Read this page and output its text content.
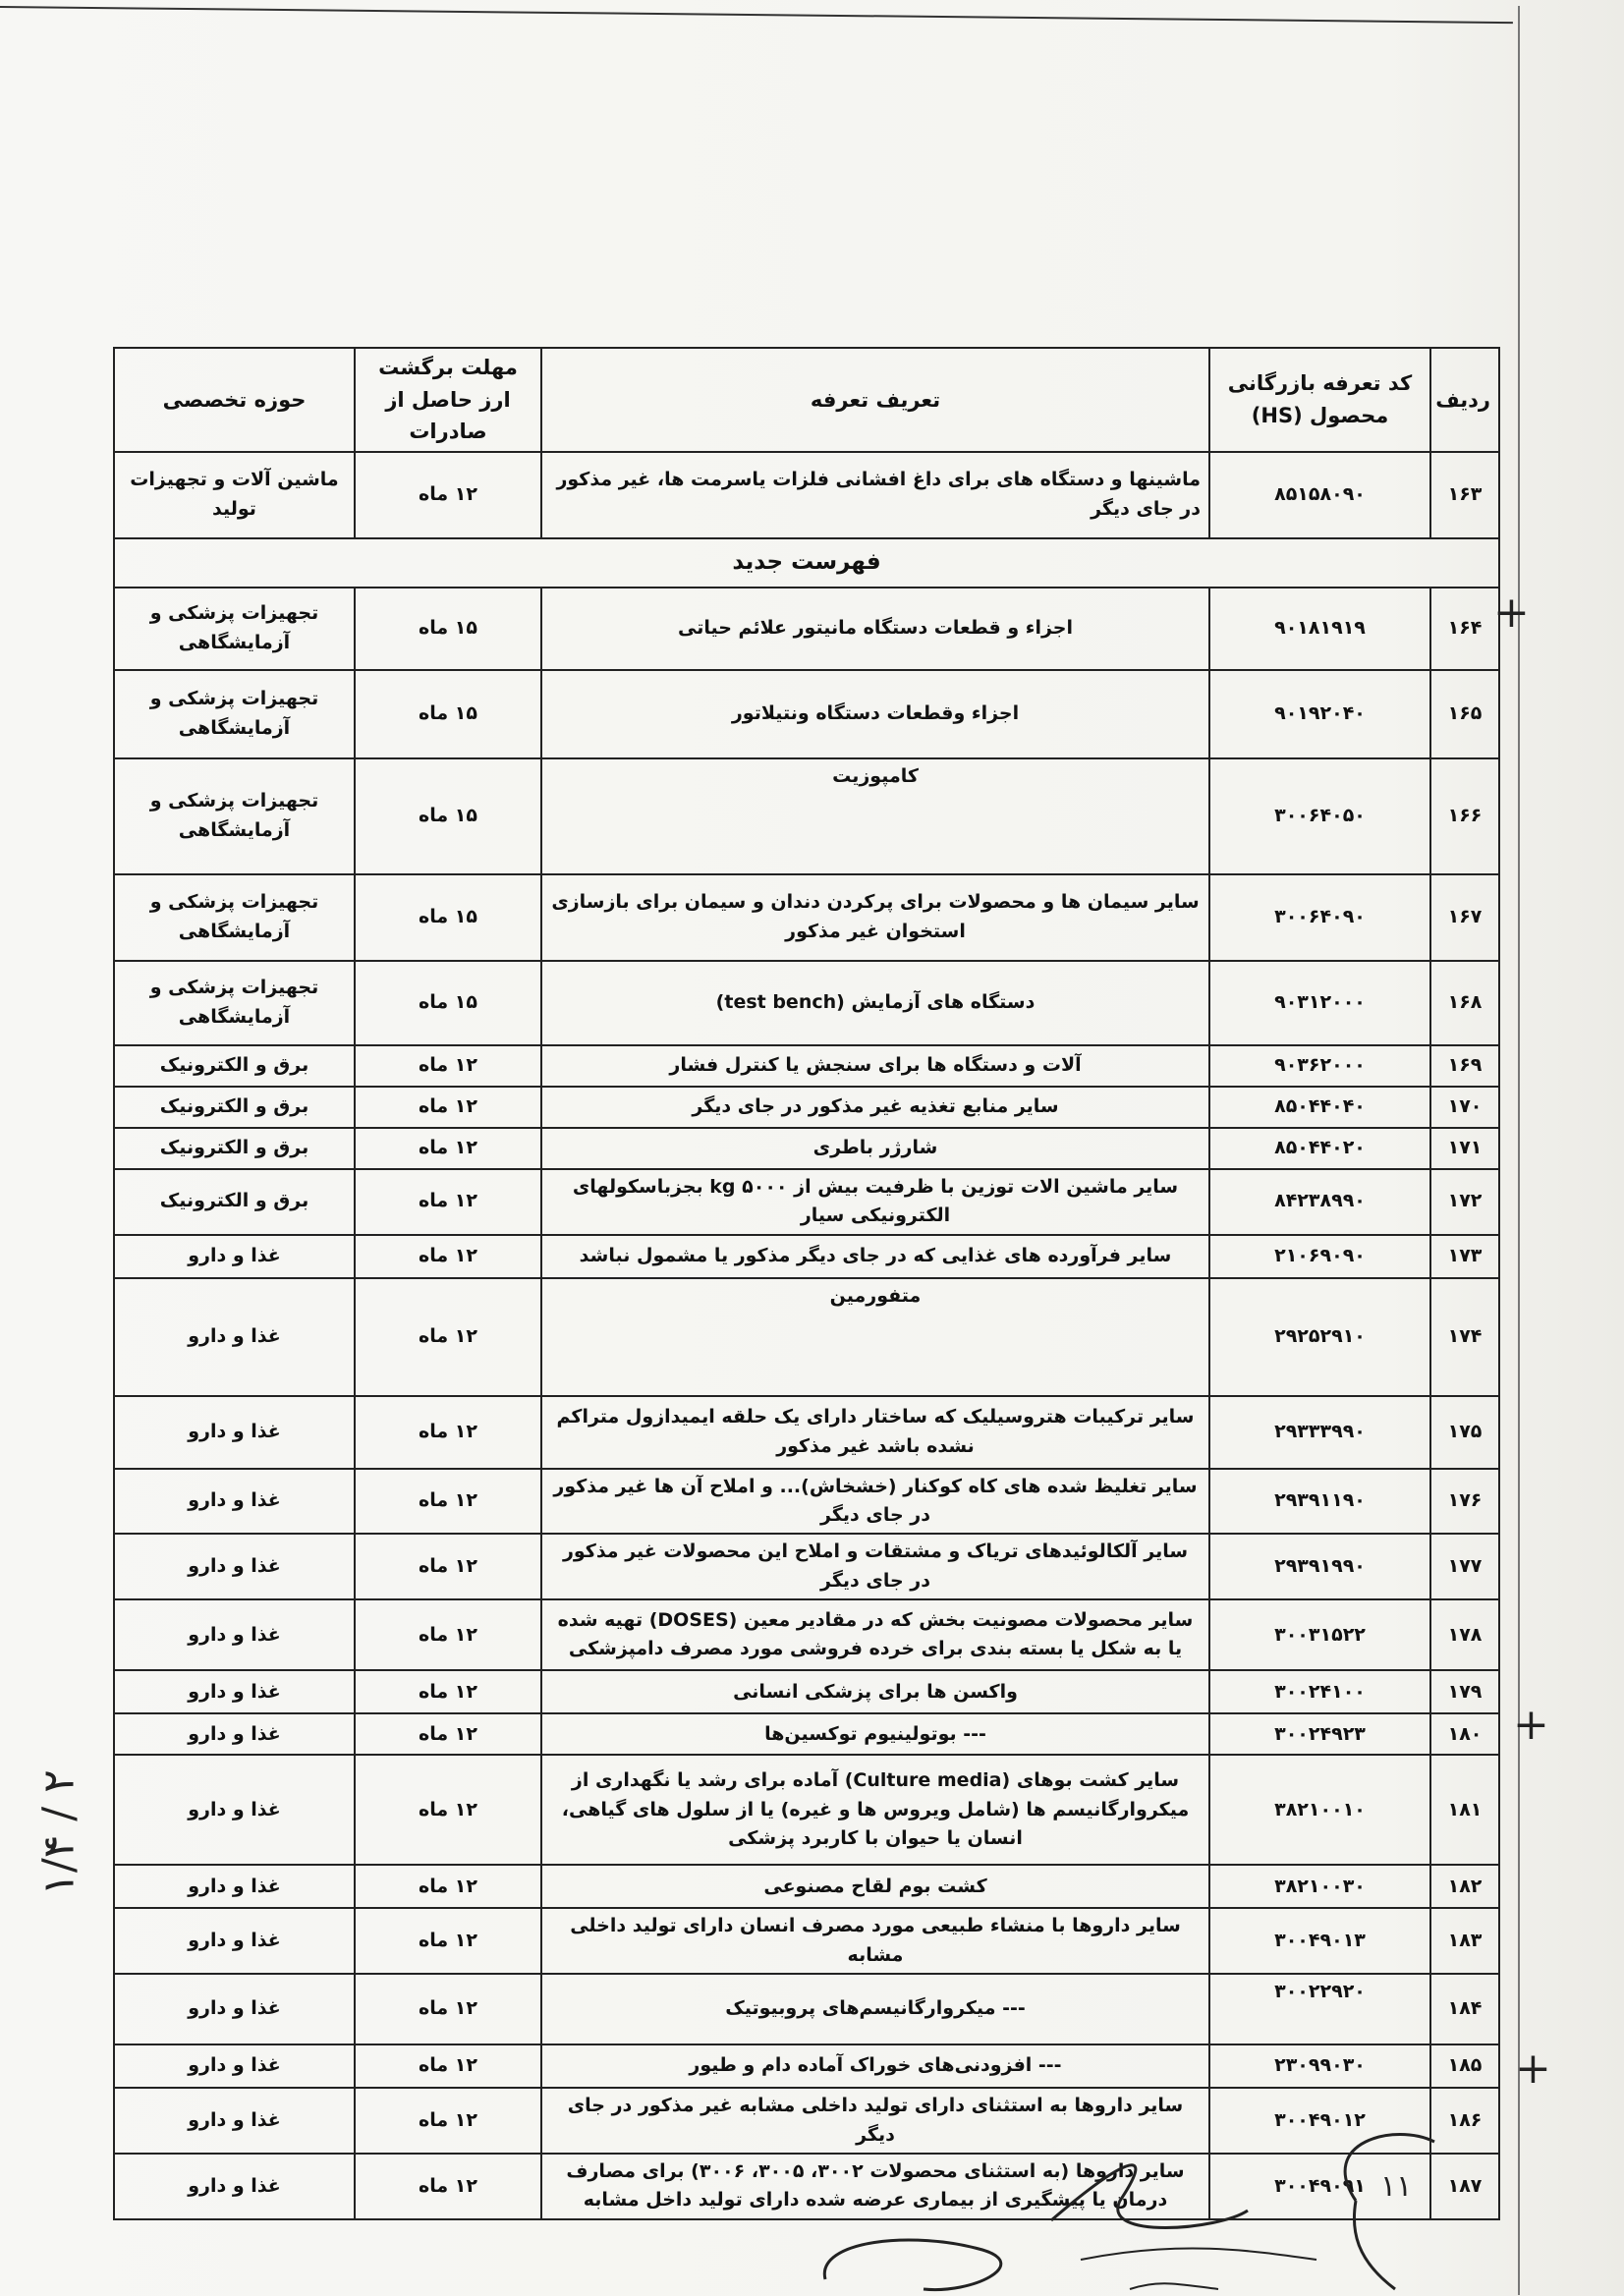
ردیف	کد تعرفه بازرگانی محصول (HS)	تعریف تعرفه	مهلت برگشت ارز حاصل از صادرات	حوزه تخصصی
۱۶۳	۸۵۱۵۸۰۹۰	ماشینها و دستگاه های برای داغ افشانی فلزات یاسرمت ها، غیر مذکور در جای دیگر	۱۲ ماه	ماشین آلات و تجهیزات تولید
فهرست جدید				
۱۶۴	۹۰۱۸۱۹۱۹	اجزاء و قطعات دستگاه مانیتور علائم حیاتی	۱۵ ماه	تجهیزات پزشکی و آزمایشگاهی
۱۶۵	۹۰۱۹۲۰۴۰	اجزاء وقطعات دستگاه ونتیلاتور	۱۵ ماه	تجهیزات پزشکی و آزمایشگاهی
۱۶۶	۳۰۰۶۴۰۵۰	کامپوزیت	۱۵ ماه	تجهیزات پزشکی و آزمایشگاهی
۱۶۷	۳۰۰۶۴۰۹۰	سایر سیمان ها و محصولات برای پرکردن دندان و سیمان برای بازسازی استخوان غیر مذکور	۱۵ ماه	تجهیزات پزشکی و آزمایشگاهی
۱۶۸	۹۰۳۱۲۰۰۰	دستگاه های آزمایش (test bench)	۱۵ ماه	تجهیزات پزشکی و آزمایشگاهی
۱۶۹	۹۰۳۶۲۰۰۰	آلات و دستگاه ها برای سنجش یا کنترل فشار	۱۲ ماه	برق و الکترونیک
۱۷۰	۸۵۰۴۴۰۴۰	سایر منابع تغذیه غیر مذکور در جای دیگر	۱۲ ماه	برق و الکترونیک
۱۷۱	۸۵۰۴۴۰۲۰	شارژر باطری	۱۲ ماه	برق و الکترونیک
۱۷۲	۸۴۲۳۸۹۹۰	سایر ماشین الات توزین با ظرفیت بیش از ۵۰۰۰ kg بجزباسکولهای الکترونیکی سیار	۱۲ ماه	برق و الکترونیک
۱۷۳	۲۱۰۶۹۰۹۰	سایر فرآورده های غذایی که در جای دیگر مذکور یا مشمول نباشد	۱۲ ماه	غذا و دارو
۱۷۴	۲۹۲۵۲۹۱۰	متفورمین	۱۲ ماه	غذا و دارو
۱۷۵	۲۹۳۳۳۹۹۰	سایر ترکیبات هتروسیلیک که ساختار دارای یک حلقه ایمیدازول متراکم نشده باشد غیر مذکور	۱۲ ماه	غذا و دارو
۱۷۶	۲۹۳۹۱۱۹۰	سایر تغلیظ شده های کاه کوکنار (خشخاش)... و املاح آن ها غیر مذکور در جای دیگر	۱۲ ماه	غذا و دارو
۱۷۷	۲۹۳۹۱۹۹۰	سایر آلکالوئیدهای تریاک و مشتقات و املاح این محصولات غیر مذکور در جای دیگر	۱۲ ماه	غذا و دارو
۱۷۸	۳۰۰۳۱۵۲۲	سایر محصولات مصونیت بخش که در مقادیر معین (DOSES) تهیه شده یا به شکل یا بسته بندی برای خرده فروشی مورد مصرف دامپزشکی	۱۲ ماه	غذا و دارو
۱۷۹	۳۰۰۲۴۱۰۰	واکسن ها برای پزشکی انسانی	۱۲ ماه	غذا و دارو
۱۸۰	۳۰۰۲۴۹۲۳	--- بوتولینیوم توکسین‌ها	۱۲ ماه	غذا و دارو
۱۸۱	۳۸۲۱۰۰۱۰	سایر کشت بوهای (Culture media) آماده برای رشد یا نگهداری از میکروارگانیسم ها (شامل ویروس ها و غیره) یا از سلول های گیاهی، انسان یا حیوان با کاربرد پزشکی	۱۲ ماه	غذا و دارو
۱۸۲	۳۸۲۱۰۰۳۰	کشت بوم لقاح مصنوعی	۱۲ ماه	غذا و دارو
۱۸۳	۳۰۰۴۹۰۱۳	سایر داروها با منشاء طبیعی مورد مصرف انسان دارای تولید داخلی مشابه	۱۲ ماه	غذا و دارو
۱۸۴	۳۰۰۲۲۹۲۰	--- میکروارگانیسم‌های پروبیوتیک	۱۲ ماه	غذا و دارو
۱۸۵	۲۳۰۹۹۰۳۰	--- افزودنی‌های خوراک آماده دام و طیور	۱۲ ماه	غذا و دارو
۱۸۶	۳۰۰۴۹۰۱۲	سایر داروها به استثنای دارای تولید داخلی مشابه غیر مذکور در جای دیگر	۱۲ ماه	غذا و دارو
۱۸۷	۳۰۰۴۹۰۹۱	سایر داروها (به استثنای محصولات ۳۰۰۲، ۳۰۰۵، ۳۰۰۶) برای مصارف درمان یا پیشگیری از بیماری عرضه شده دارای تولید داخل مشابه	۱۲ ماه	غذا و دارو
+
+
+
۱/۴ / ۲
۱۱
